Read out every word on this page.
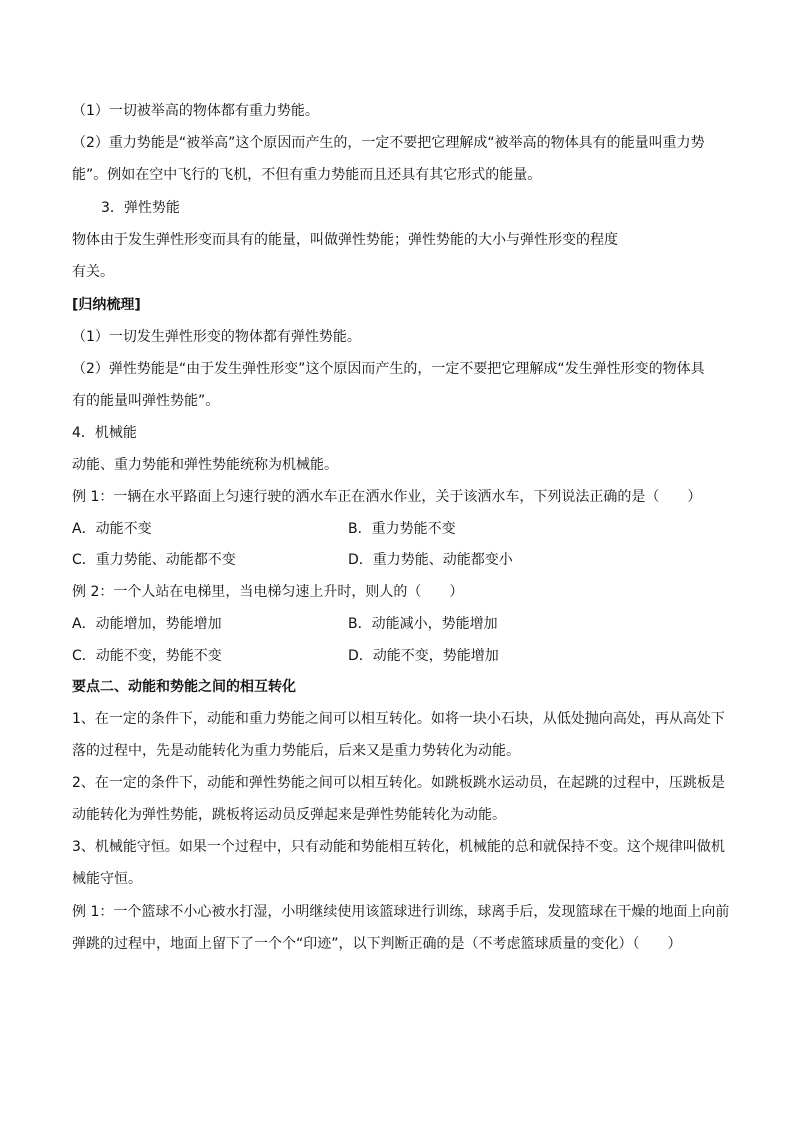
（1）一切被举高的物体都有重力势能。
（2）重力势能是“被举高”这个原因而产生的，一定不要把它理解成“被举高的物体具有的能量叫重力势
能”。例如在空中飞行的飞机，不但有重力势能而且还具有其它形式的能量。
3．弹性势能
物体由于发生弹性形变而具有的能量，叫做弹性势能；弹性势能的大小与弹性形变的程度
有关。
[归纳梳理]
（1）一切发生弹性形变的物体都有弹性势能。
（2）弹性势能是“由于发生弹性形变”这个原因而产生的，一定不要把它理解成“发生弹性形变的物体具
有的能量叫弹性势能”。
4．机械能
动能、重力势能和弹性势能统称为机械能。
例 1：一辆在水平路面上匀速行驶的洒水车正在洒水作业，关于该洒水车，下列说法正确的是（　　）
A．动能不变	B．重力势能不变
C．重力势能、动能都不变	D．重力势能、动能都变小
例 2：一个人站在电梯里，当电梯匀速上升时，则人的（　　）
A．动能增加，势能增加	B．动能减小，势能增加
C．动能不变，势能不变	D．动能不变，势能增加
要点二、动能和势能之间的相互转化
1、在一定的条件下，动能和重力势能之间可以相互转化。如将一块小石块，从低处抛向高处，再从高处下
落的过程中，先是动能转化为重力势能后，后来又是重力势转化为动能。
2、在一定的条件下，动能和弹性势能之间可以相互转化。如跳板跳水运动员，在起跳的过程中，压跳板是
动能转化为弹性势能，跳板将运动员反弹起来是弹性势能转化为动能。
3、机械能守恒。如果一个过程中，只有动能和势能相互转化，机械能的总和就保持不变。这个规律叫做机
械能守恒。
例 1：一个篮球不小心被水打湿，小明继续使用该篮球进行训练，球离手后，发现篮球在干燥的地面上向前
弹跳的过程中，地面上留下了一个个“印迹”，以下判断正确的是（不考虑篮球质量的变化）（　　）
